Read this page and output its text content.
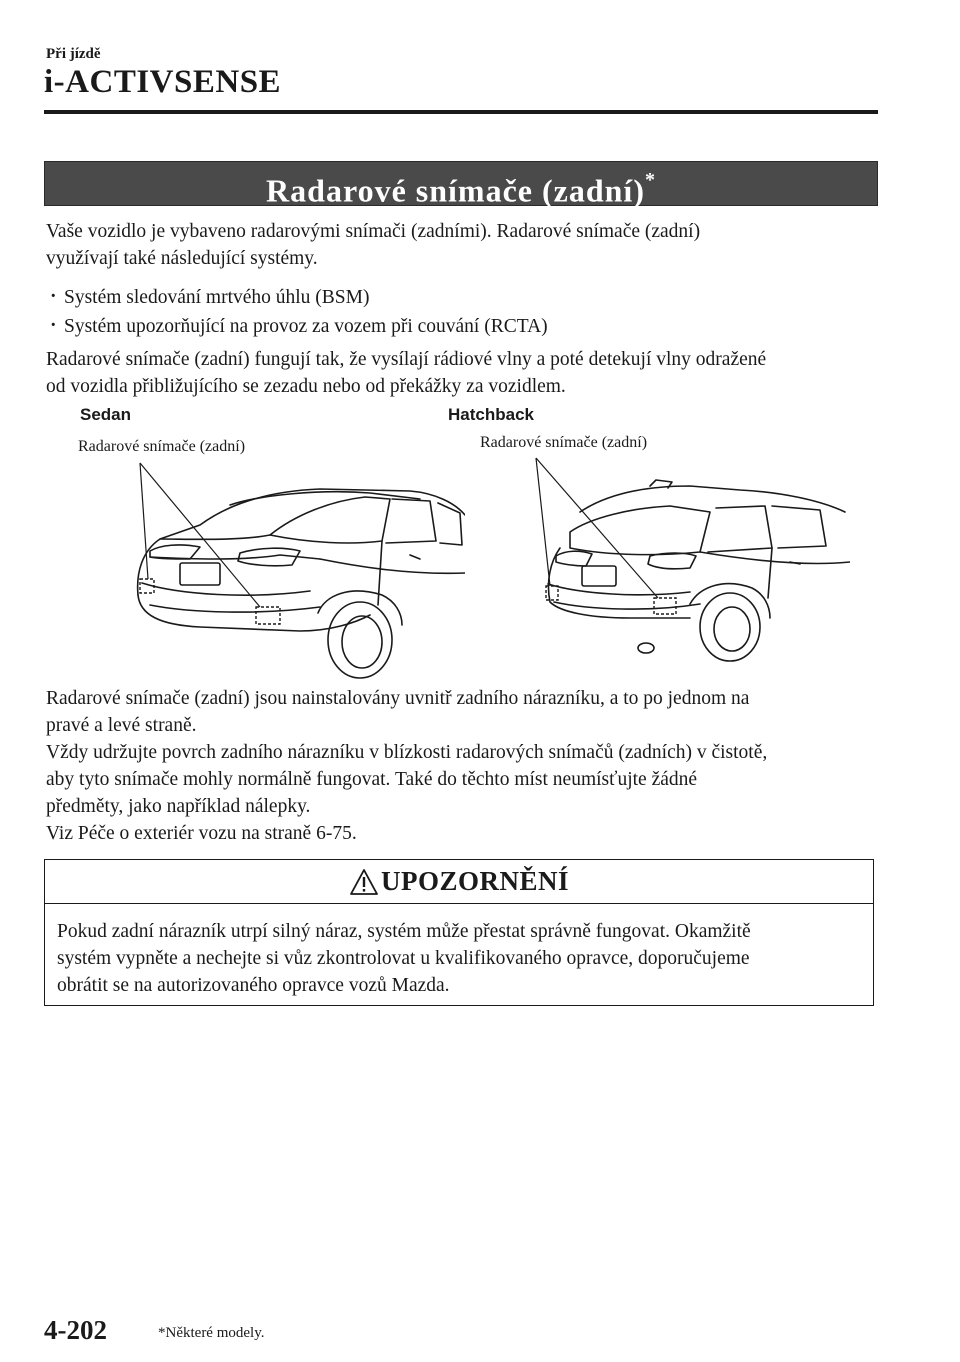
Při jízdě
i-ACTIVSENSE
Radarové snímače (zadní)*
Vaše vozidlo je vybaveno radarovými snímači (zadními). Radarové snímače (zadní)
využívají také následující systémy.
· Systém sledování mrtvého úhlu (BSM)
· Systém upozorňující na provoz za vozem při couvání (RCTA)
Radarové snímače (zadní) fungují tak, že vysílají rádiové vlny a poté detekují vlny odražené
od vozidla přibližujícího se zezadu nebo od překážky za vozidlem.
Sedan	Hatchback
Radarové snímače (zadní)	Radarové snímače (zadní)
Radarové snímače (zadní) jsou nainstalovány uvnitř zadního nárazníku, a to po jednom na
pravé a levé straně.
Vždy udržujte povrch zadního nárazníku v blízkosti radarových snímačů (zadních) v čistotě,
aby tyto snímače mohly normálně fungovat. Také do těchto míst neumísťujte žádné
předměty, jako například nálepky.
Viz Péče o exteriér vozu na straně 6-75.
UPOZORNĚNÍ
Pokud zadní nárazník utrpí silný náraz, systém může přestat správně fungovat. Okamžitě
systém vypněte a nechejte si vůz zkontrolovat u kvalifikovaného opravce, doporučujeme
obrátit se na autorizovaného opravce vozů Mazda.
4-202	*Některé modely.
